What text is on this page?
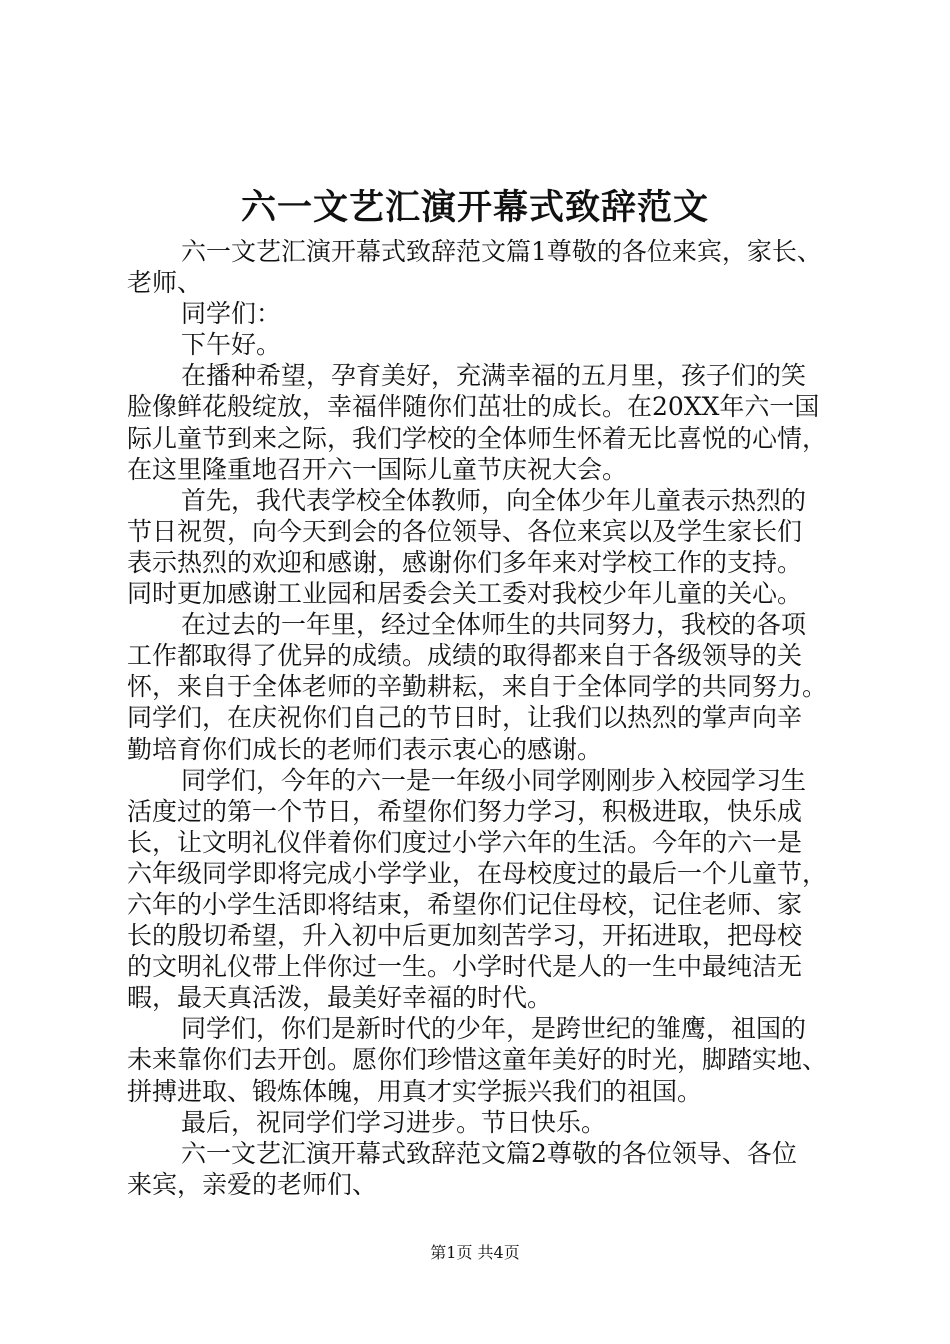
六一文艺汇演开幕式致辞范文
六一文艺汇演开幕式致辞范文篇1尊敬的各位来宾，家长、
老师、
同学们：
下午好。
在播种希望，孕育美好，充满幸福的五月里，孩子们的笑
脸像鲜花般绽放，幸福伴随你们茁壮的成长。在20XX年六一国
际儿童节到来之际，我们学校的全体师生怀着无比喜悦的心情，
在这里隆重地召开六一国际儿童节庆祝大会。
首先，我代表学校全体教师，向全体少年儿童表示热烈的
节日祝贺，向今天到会的各位领导、各位来宾以及学生家长们
表示热烈的欢迎和感谢，感谢你们多年来对学校工作的支持。
同时更加感谢工业园和居委会关工委对我校少年儿童的关心。
在过去的一年里，经过全体师生的共同努力，我校的各项
工作都取得了优异的成绩。成绩的取得都来自于各级领导的关
怀，来自于全体老师的辛勤耕耘，来自于全体同学的共同努力。
同学们，在庆祝你们自己的节日时，让我们以热烈的掌声向辛
勤培育你们成长的老师们表示衷心的感谢。
同学们，今年的六一是一年级小同学刚刚步入校园学习生
活度过的第一个节日，希望你们努力学习，积极进取，快乐成
长，让文明礼仪伴着你们度过小学六年的生活。今年的六一是
六年级同学即将完成小学学业，在母校度过的最后一个儿童节，
六年的小学生活即将结束，希望你们记住母校，记住老师、家
长的殷切希望，升入初中后更加刻苦学习，开拓进取，把母校
的文明礼仪带上伴你过一生。小学时代是人的一生中最纯洁无
暇，最天真活泼，最美好幸福的时代。
同学们，你们是新时代的少年，是跨世纪的雏鹰，祖国的
未来靠你们去开创。愿你们珍惜这童年美好的时光，脚踏实地、
拼搏进取、锻炼体魄，用真才实学振兴我们的祖国。
最后，祝同学们学习进步。节日快乐。
六一文艺汇演开幕式致辞范文篇2尊敬的各位领导、各位
来宾，亲爱的老师们、
第1页 共4页
